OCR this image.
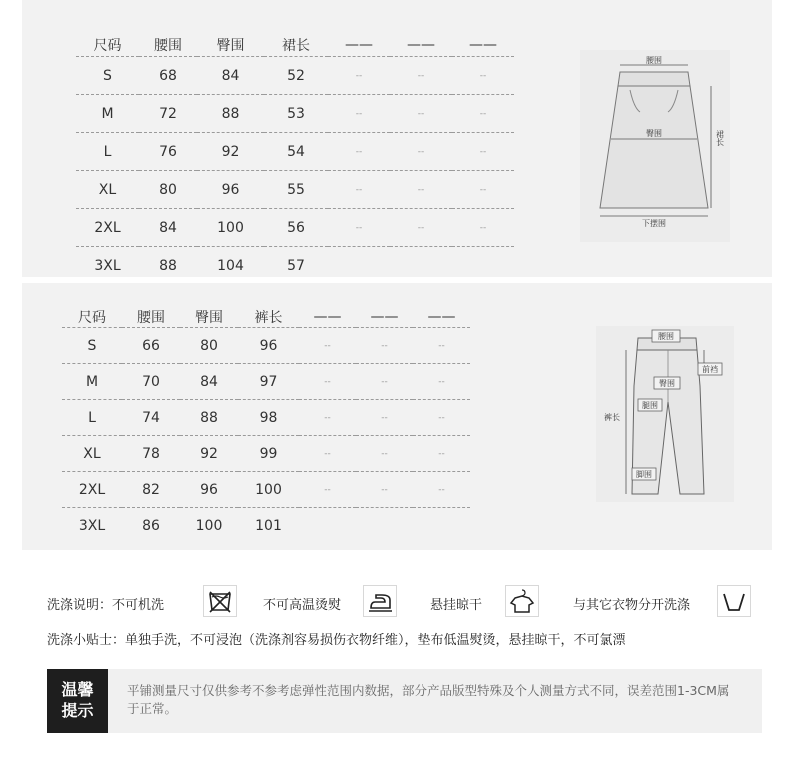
尺码	腰围	臀围	裙长	——	——	——
S	68	84	52	--	--	--
M	72	88	53	--	--	--
L	76	92	54	--	--	--
XL	80	96	55	--	--	--
2XL	84	100	56	--	--	--
3XL	88	104	57			
腰围
臀围	裙长
下摆围
尺码	腰围	臀围	裤长	——	——	——
S	66	80	96	--	--	--
M	70	84	97	--	--	--
L	74	88	98	--	--	--
XL	78	92	99	--	--	--
2XL	82	96	100	--	--	--
3XL	86	100	101			
腰围
前裆
臀围
腿围
裤长
脚围
洗涤说明：不可机洗	不可高温烫熨	悬挂晾干	与其它衣物分开洗涤
洗涤小贴士：单独手洗，不可浸泡（洗涤剂容易损伤衣物纤维），垫布低温熨烫，悬挂晾干，不可氯漂
温馨
提示
平铺测量尺寸仅供参考不参考虑弹性范围内数据，部分产品版型特殊及个人测量方式不同，误差范围1-3CM属于正常。
